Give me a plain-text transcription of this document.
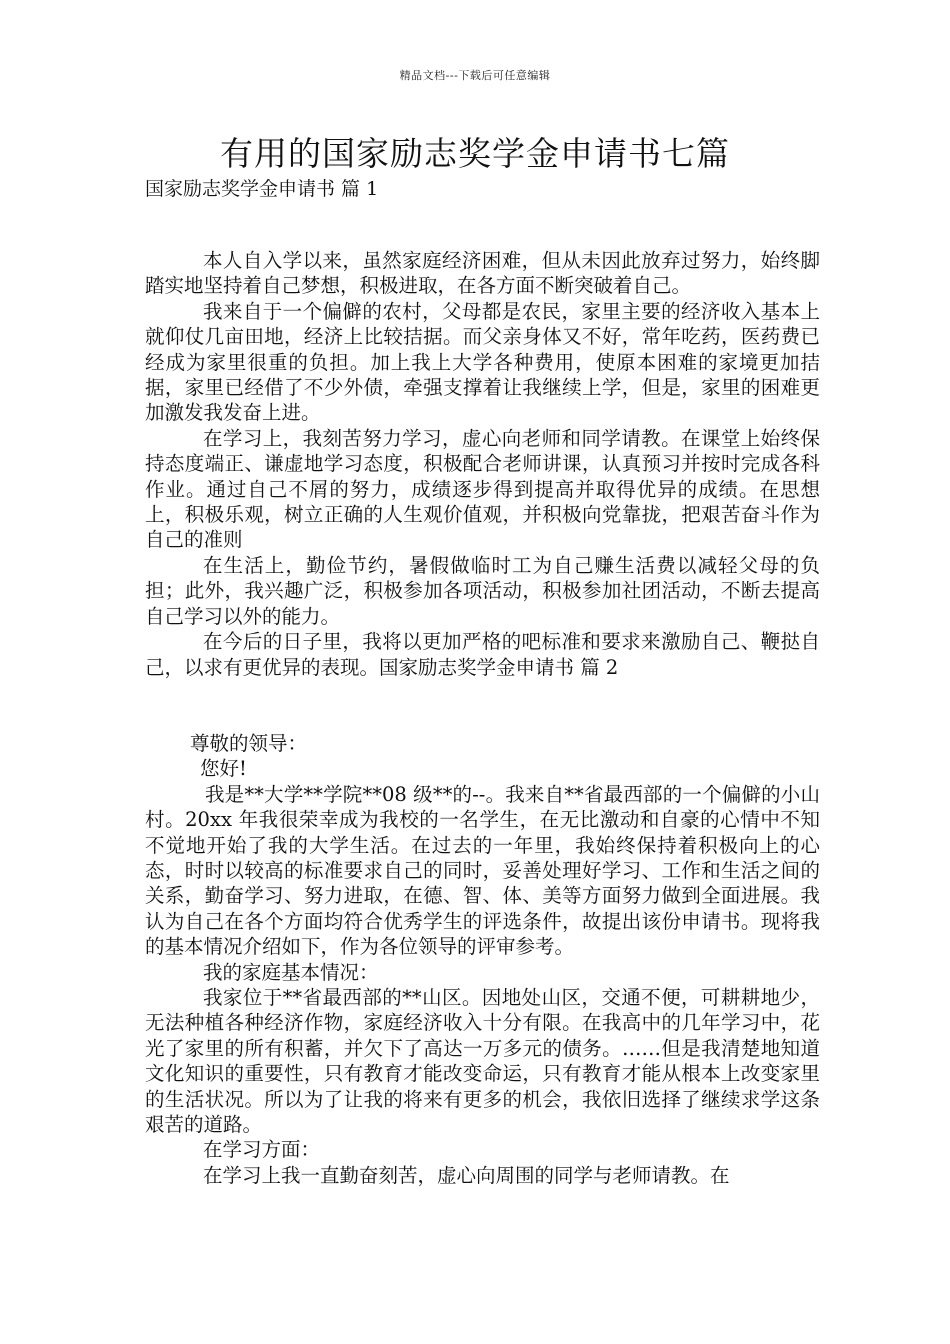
精品文档---下载后可任意编辑
有用的国家励志奖学金申请书七篇
国家励志奖学金申请书 篇 1

本人自入学以来，虽然家庭经济困难，但从未因此放弃过努力，始终脚踏实地坚持着自己梦想，积极进取，在各方面不断突破着自己。

我来自于一个偏僻的农村，父母都是农民，家里主要的经济收入基本上就仰仗几亩田地，经济上比较拮据。而父亲身体又不好，常年吃药，医药费已经成为家里很重的负担。加上我上大学各种费用，使原本困难的家境更加拮据，家里已经借了不少外债，牵强支撑着让我继续上学，但是，家里的困难更加激发我发奋上进。

在学习上，我刻苦努力学习，虚心向老师和同学请教。在课堂上始终保持态度端正、谦虚地学习态度，积极配合老师讲课，认真预习并按时完成各科作业。通过自己不屑的努力，成绩逐步得到提高并取得优异的成绩。在思想上，积极乐观，树立正确的人生观价值观，并积极向党靠拢，把艰苦奋斗作为自己的准则

在生活上，勤俭节约，暑假做临时工为自己赚生活费以减轻父母的负担；此外，我兴趣广泛，积极参加各项活动，积极参加社团活动，不断去提高自己学习以外的能力。

在今后的日子里，我将以更加严格的吧标准和要求来激励自己、鞭挞自己，以求有更优异的表现。国家励志奖学金申请书 篇 2

尊敬的领导：

您好!

我是**大学**学院**08 级**的--。我来自**省最西部的一个偏僻的小山村。20xx 年我很荣幸成为我校的一名学生，在无比激动和自豪的心情中不知不觉地开始了我的大学生活。在过去的一年里，我始终保持着积极向上的心态，时时以较高的标准要求自己的同时，妥善处理好学习、工作和生活之间的关系，勤奋学习、努力进取，在德、智、体、美等方面努力做到全面进展。我认为自己在各个方面均符合优秀学生的评选条件，故提出该份申请书。现将我的基本情况介绍如下，作为各位领导的评审参考。

我的家庭基本情况：

我家位于**省最西部的**山区。因地处山区，交通不便，可耕耕地少，无法种植各种经济作物，家庭经济收入十分有限。在我高中的几年学习中，花光了家里的所有积蓄，并欠下了高达一万多元的债务。……但是我清楚地知道文化知识的重要性，只有教育才能改变命运，只有教育才能从根本上改变家里的生活状况。所以为了让我的将来有更多的机会，我依旧选择了继续求学这条艰苦的道路。

在学习方面：

在学习上我一直勤奋刻苦，虚心向周围的同学与老师请教。在
